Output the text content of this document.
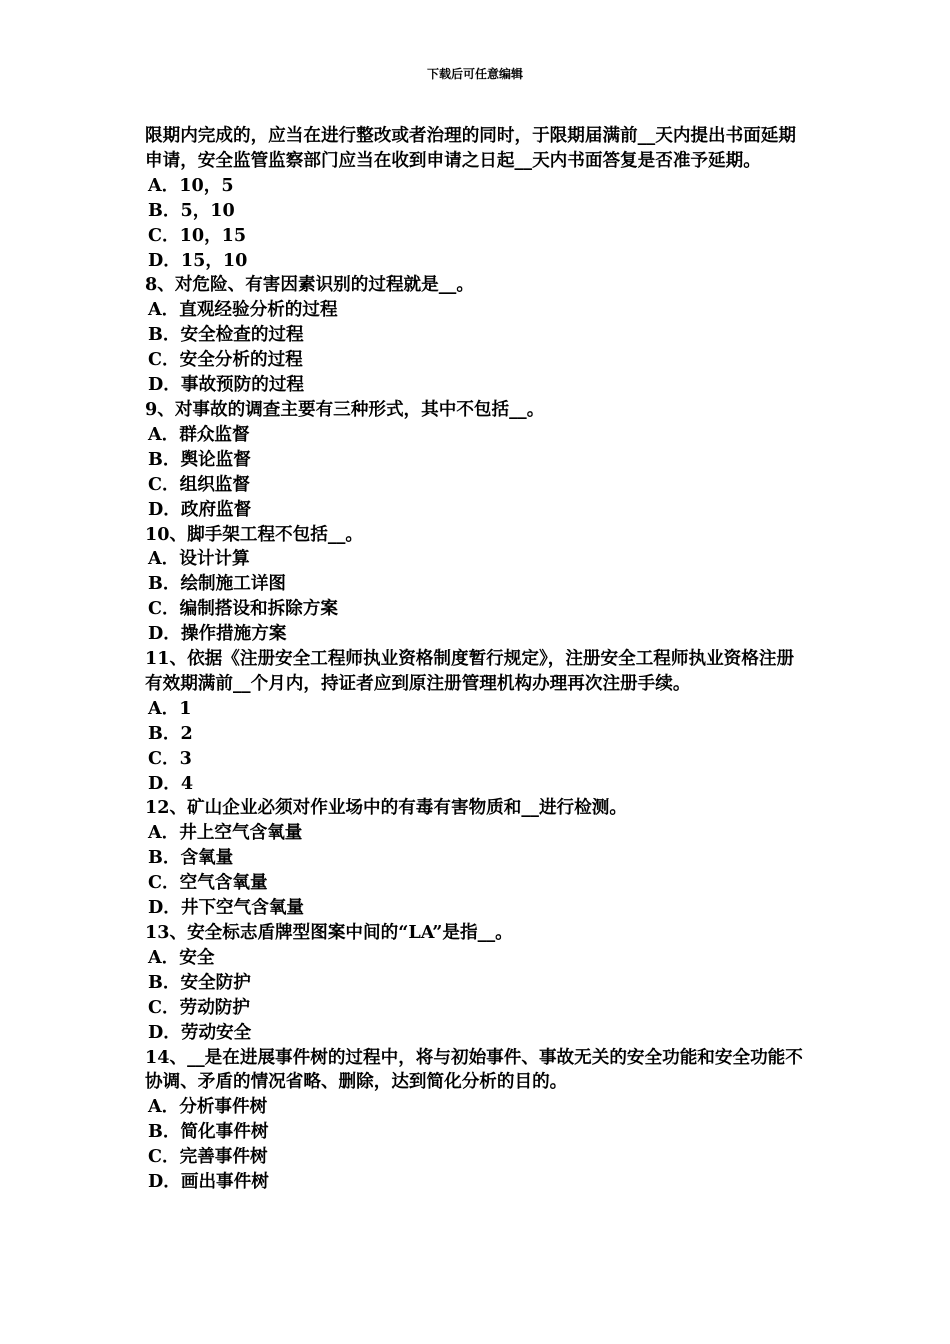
下载后可任意编辑

限期内完成的，应当在进行整改或者治理的同时，于限期届满前__天内提出书面延期申请，安全监管监察部门应当在收到申请之日起__天内书面答复是否准予延期。

A．10，5

B．5，10

C．10，15

D．15，10

8、对危险、有害因素识别的过程就是__。

A．直观经验分析的过程

B．安全检查的过程

C．安全分析的过程

D．事故预防的过程

9、对事故的调查主要有三种形式，其中不包括__。

A．群众监督

B．舆论监督

C．组织监督

D．政府监督

10、脚手架工程不包括__。

A．设计计算

B．绘制施工详图

C．编制搭设和拆除方案

D．操作措施方案

11、依据《注册安全工程师执业资格制度暂行规定》，注册安全工程师执业资格注册有效期满前__个月内，持证者应到原注册管理机构办理再次注册手续。

A．1

B．2

C．3

D．4

12、矿山企业必须对作业场中的有毒有害物质和__进行检测。

A．井上空气含氧量

B．含氧量

C．空气含氧量

D．井下空气含氧量

13、安全标志盾牌型图案中间的“LA”是指__。

A．安全

B．安全防护

C．劳动防护

D．劳动安全

14、__是在进展事件树的过程中，将与初始事件、事故无关的安全功能和安全功能不协调、矛盾的情况省略、删除，达到简化分析的目的。

A．分析事件树

B．简化事件树

C．完善事件树

D．画出事件树
